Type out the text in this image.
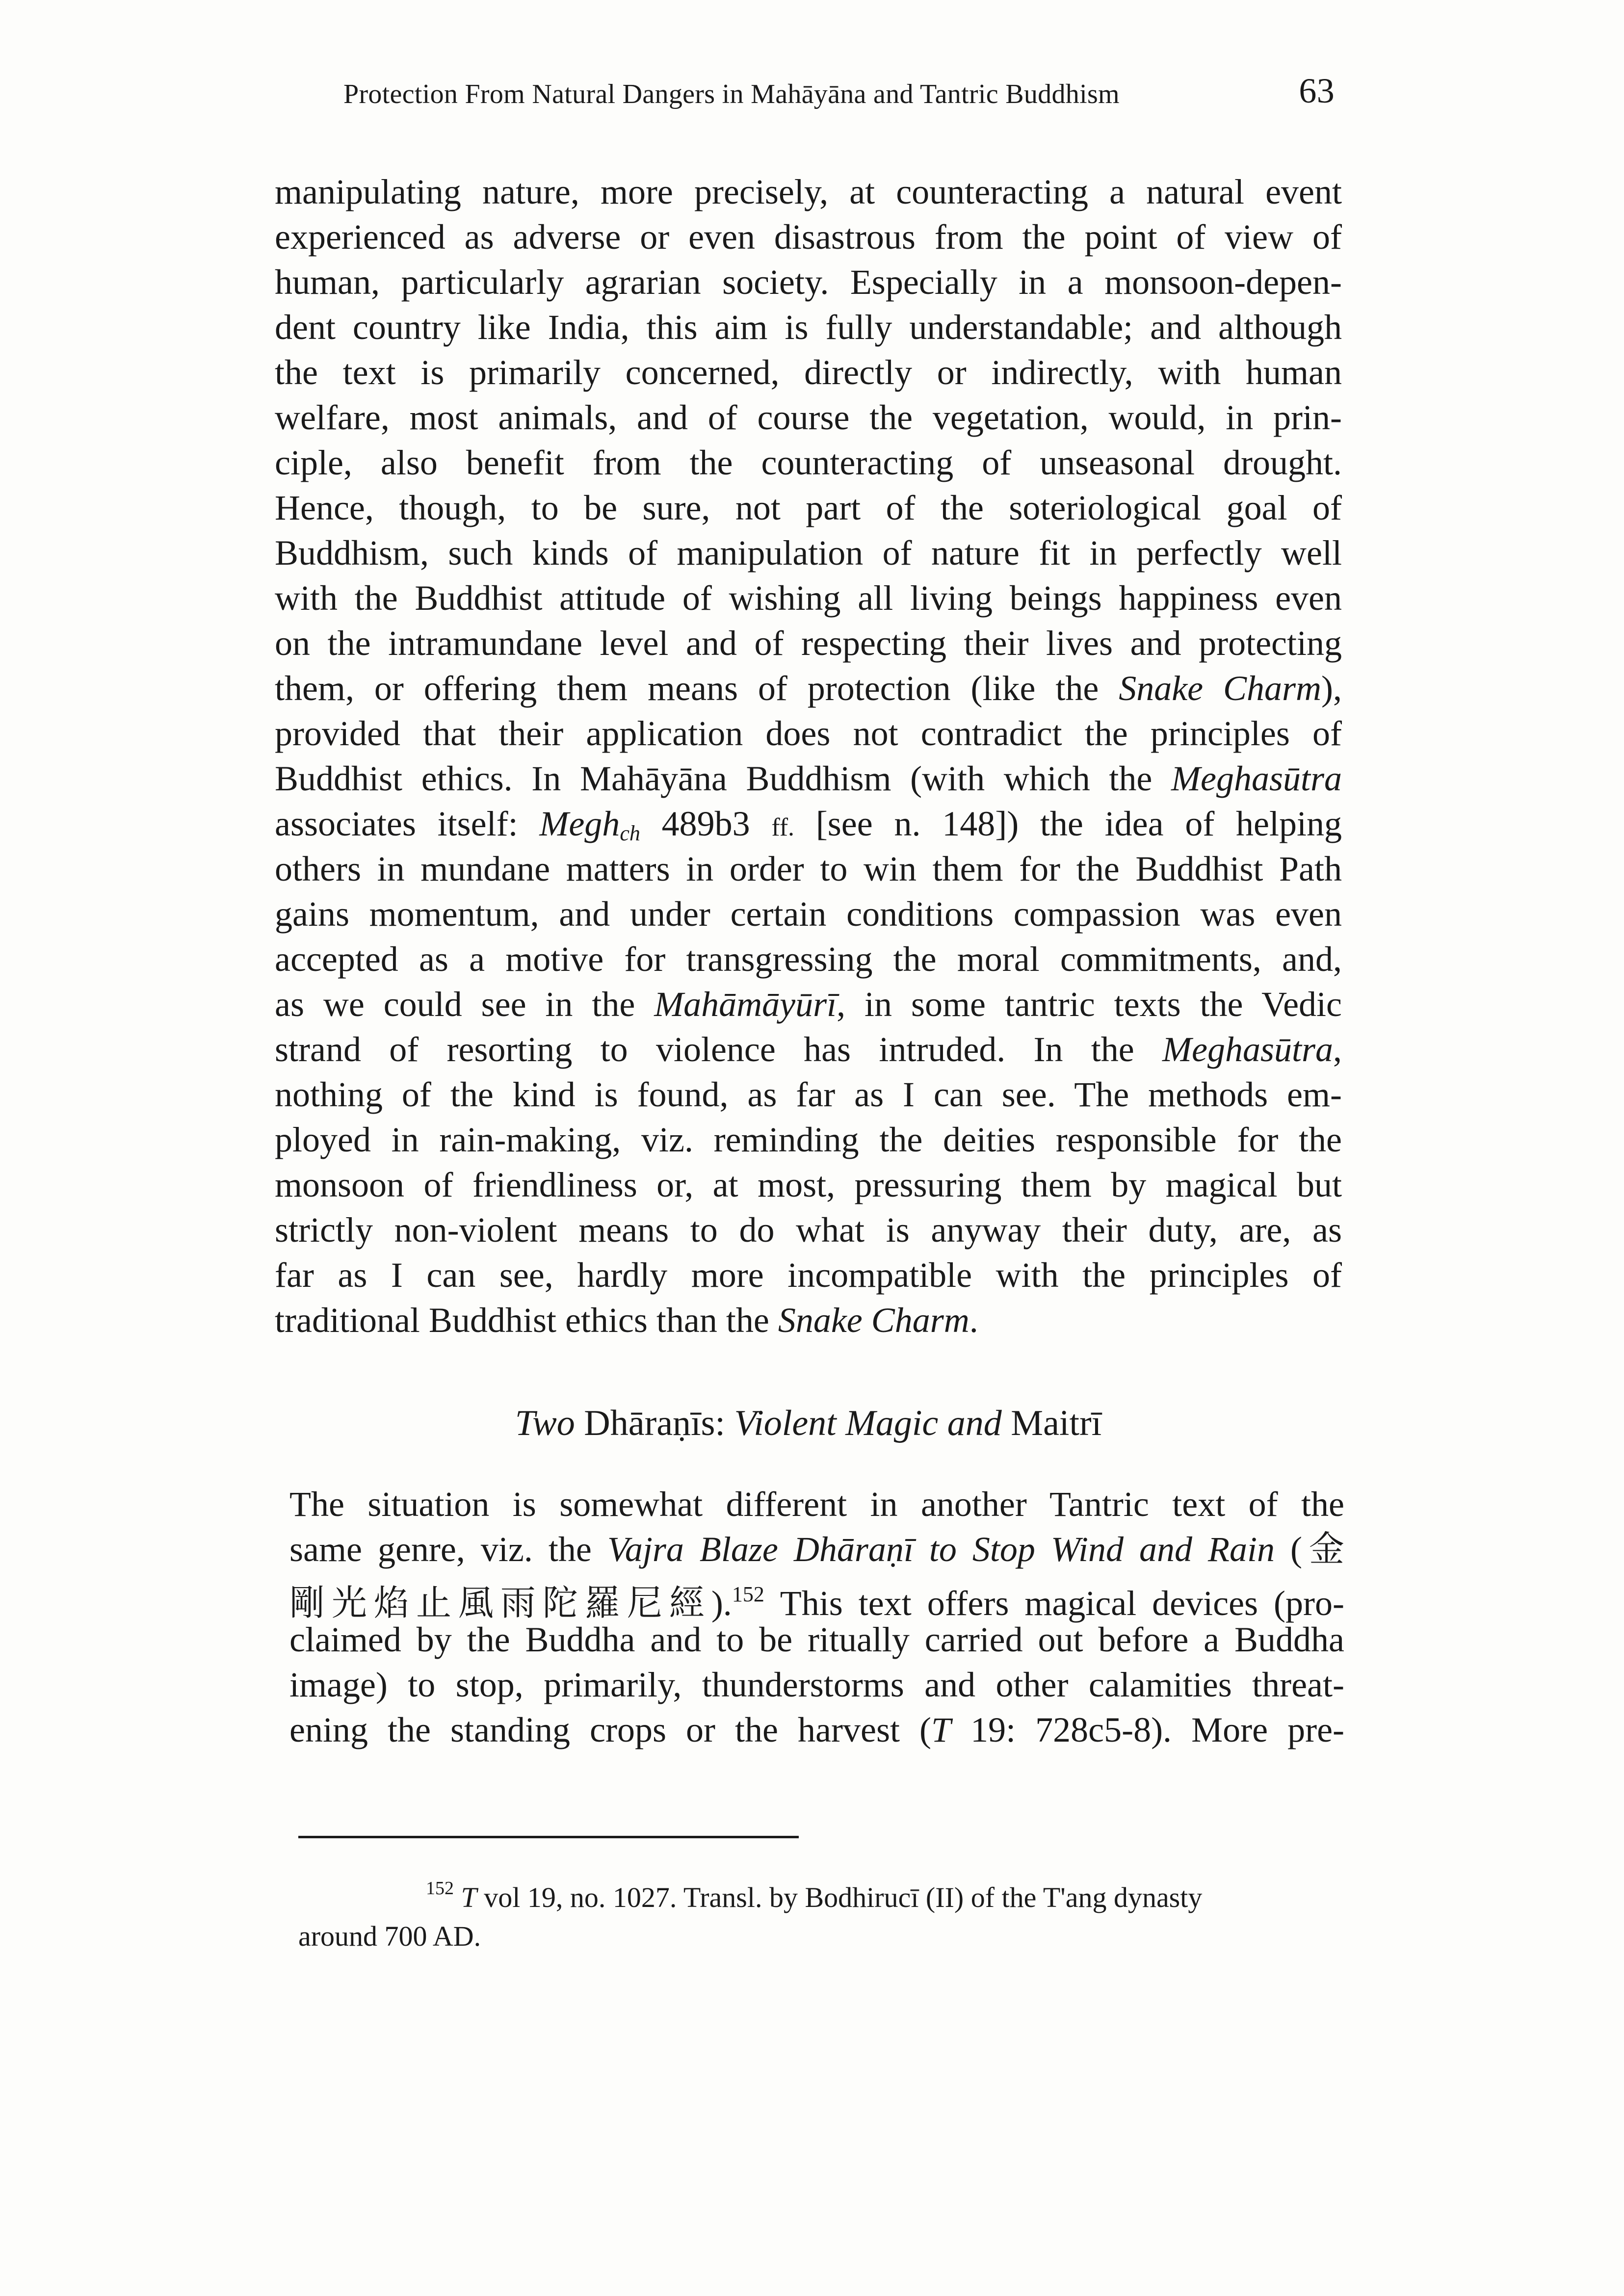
Protection From Natural Dangers in Mahāyāna and Tantric Buddhism	63
manipulating nature, more precisely, at counteracting a natural event
experienced as adverse or even disastrous from the point of view of
human, particularly agrarian society. Especially in a monsoon-depen-
dent country like India, this aim is fully understandable; and although
the text is primarily concerned, directly or indirectly, with human
welfare, most animals, and of course the vegetation, would, in prin-
ciple, also benefit from the counteracting of unseasonal drought.
Hence, though, to be sure, not part of the soteriological goal of
Buddhism, such kinds of manipulation of nature fit in perfectly well
with the Buddhist attitude of wishing all living beings happiness even
on the intramundane level and of respecting their lives and protecting
them, or offering them means of protection (like the Snake Charm),
provided that their application does not contradict the principles of
Buddhist ethics. In Mahāyāna Buddhism (with which the Meghasūtra
associates itself: Megh$_{ch}$ 489b3 ff. [see n. 148]) the idea of helping
others in mundane matters in order to win them for the Buddhist Path
gains momentum, and under certain conditions compassion was even
accepted as a motive for transgressing the moral commitments, and,
as we could see in the Mahāmāyūrī, in some tantric texts the Vedic
strand of resorting to violence has intruded. In the Meghasūtra,
nothing of the kind is found, as far as I can see. The methods em-
ployed in rain-making, viz. reminding the deities responsible for the
monsoon of friendliness or, at most, pressuring them by magical but
strictly non-violent means to do what is anyway their duty, are, as
far as I can see, hardly more incompatible with the principles of
traditional Buddhist ethics than the Snake Charm.
Two Dhāraṇīs: Violent Magic and Maitrī
The situation is somewhat different in another Tantric text of the
same genre, viz. the Vajra Blaze Dhāraṇī to Stop Wind and Rain (金
剛光焰止風雨陀羅尼經).$^{152}$ This text offers magical devices (pro-
claimed by the Buddha and to be ritually carried out before a Buddha
image) to stop, primarily, thunderstorms and other calamities threat-
ening the standing crops or the harvest (T 19: 728c5-8). More pre-
$^{152}$ T vol 19, no. 1027. Transl. by Bodhirucī (II) of the T'ang dynasty
around 700 AD.
